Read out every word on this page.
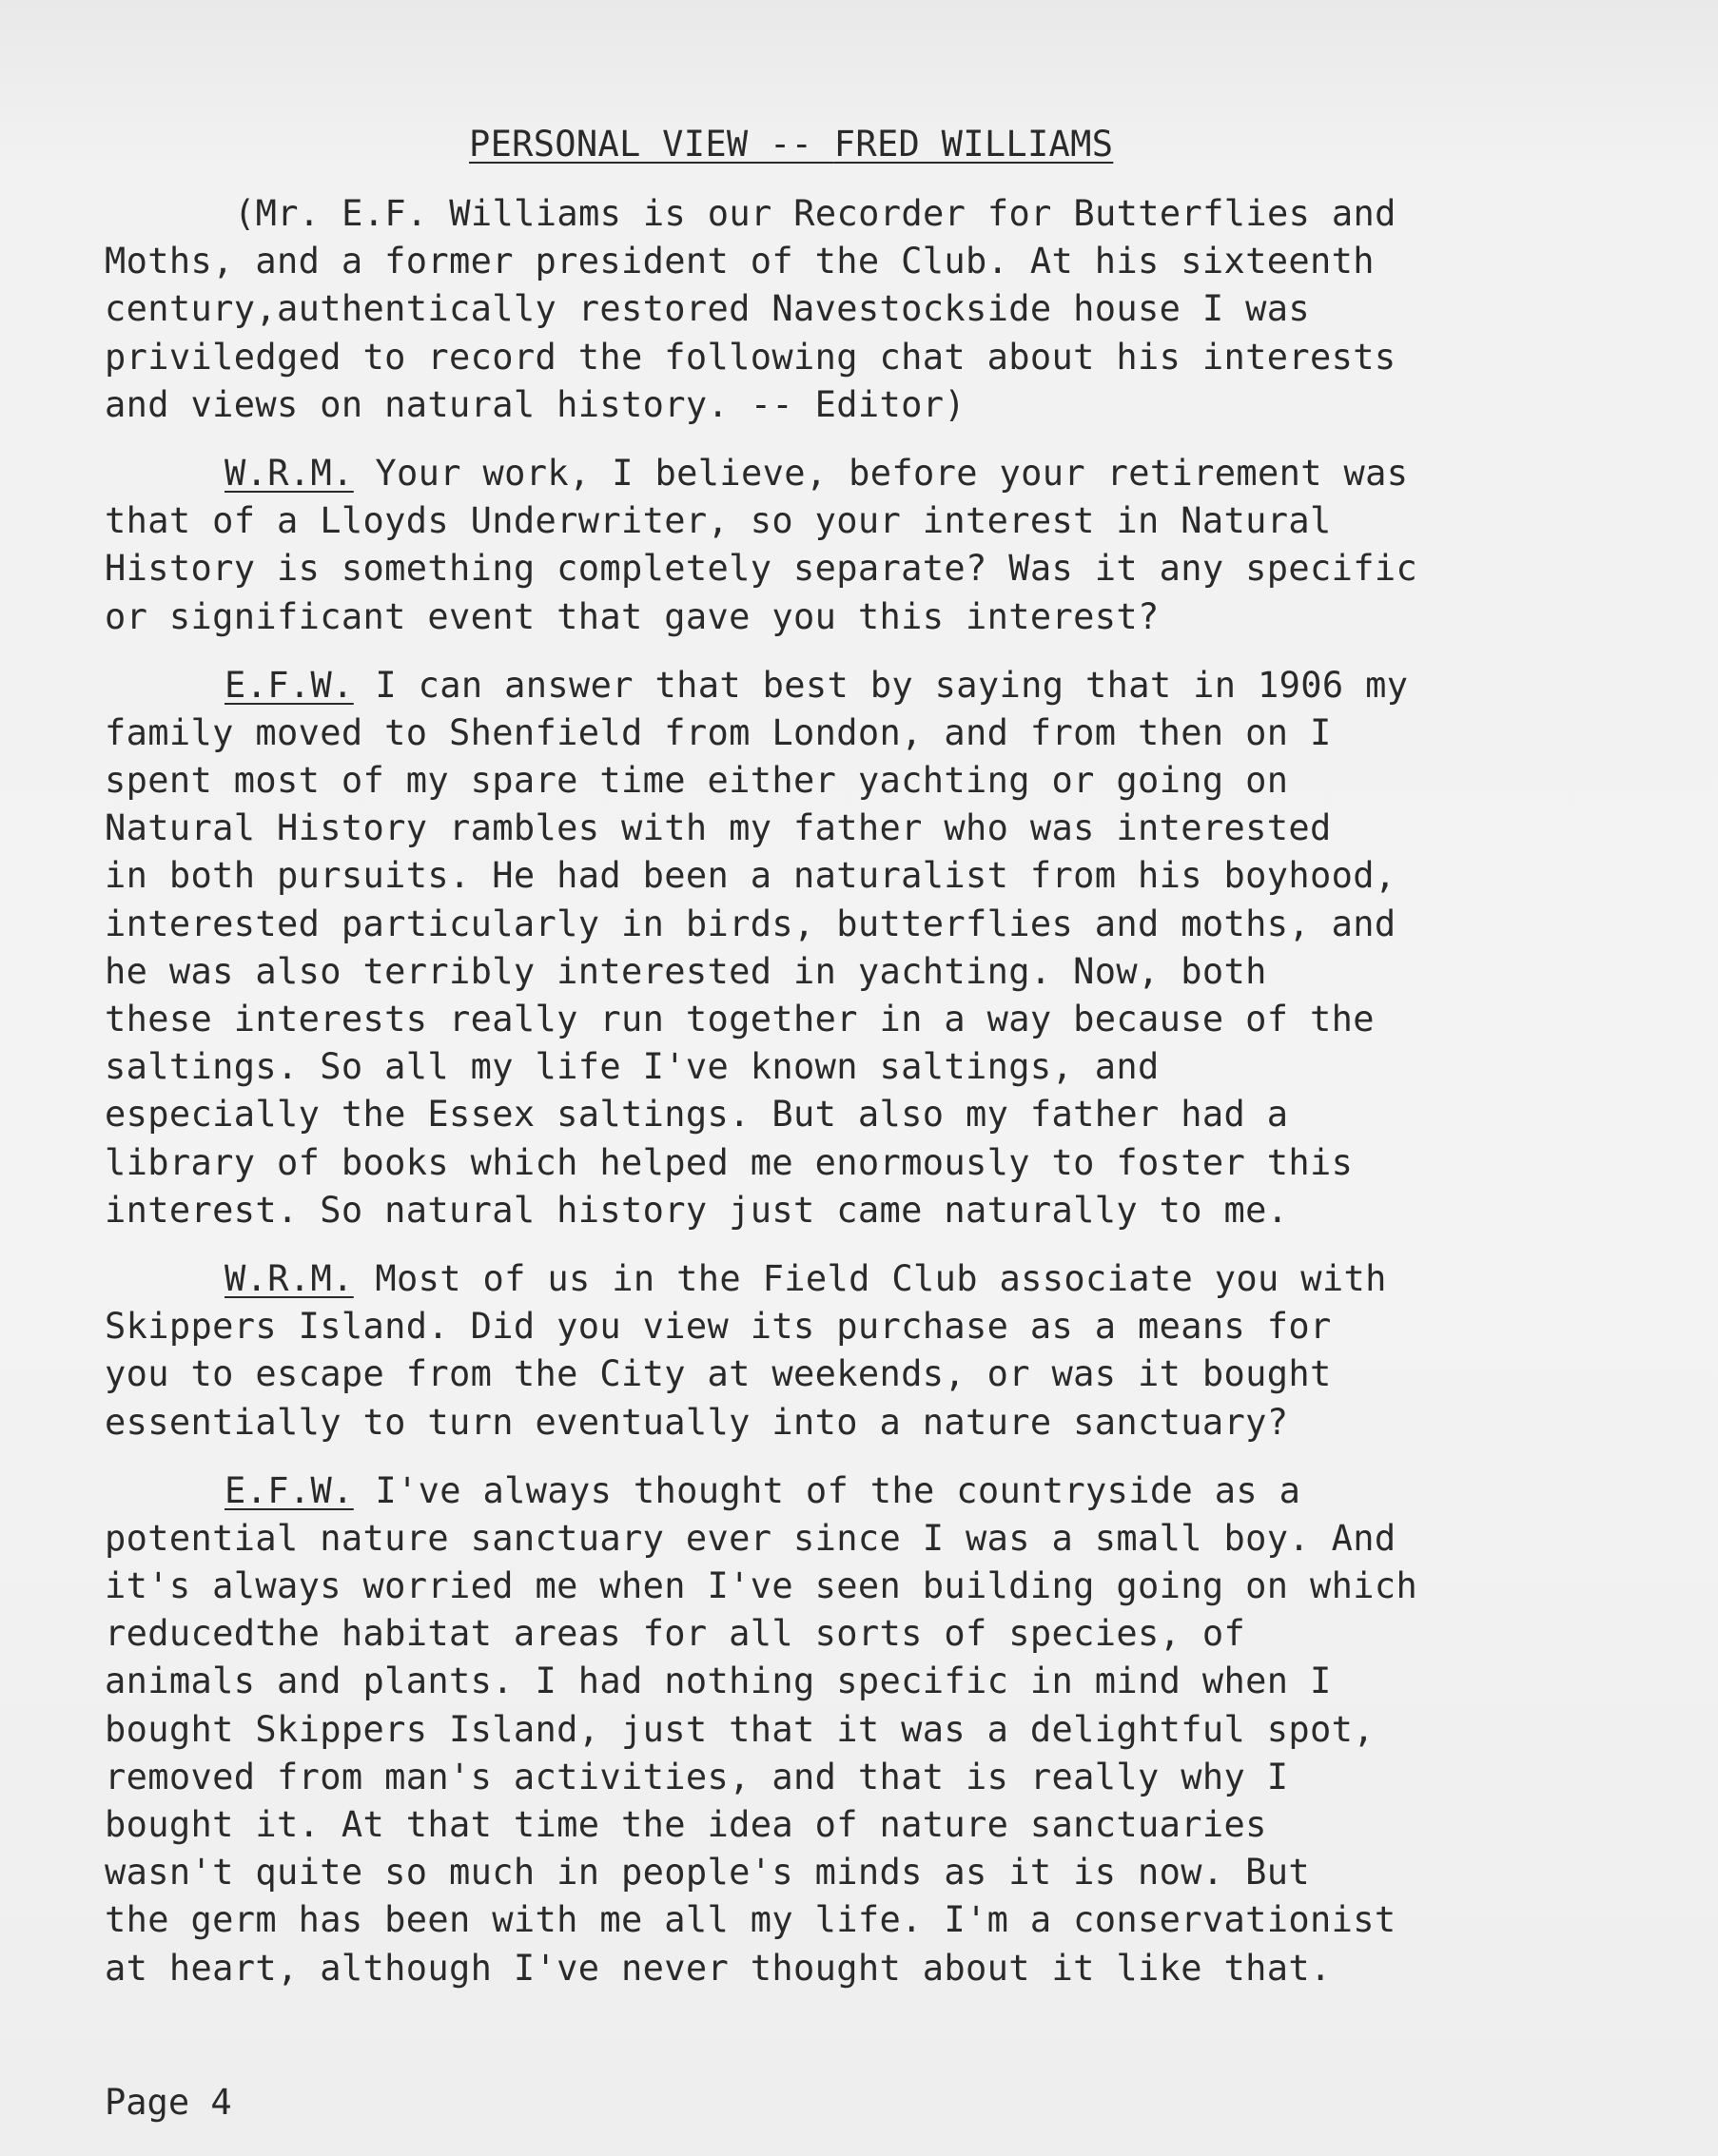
PERSONAL VIEW -- FRED WILLIAMS
(Mr. E.F. Williams is our Recorder for Butterflies and
Moths, and a former president of the Club. At his sixteenth
century,authentically restored Navestockside house I was
priviledged to record the following chat about his interests
and views on natural history. -- Editor)
W.R.M. Your work, I believe, before your retirement was
that of a Lloyds Underwriter, so your interest in Natural
History is something completely separate? Was it any specific
or significant event that gave you this interest?
E.F.W. I can answer that best by saying that in 1906 my
family moved to Shenfield from London, and from then on I
spent most of my spare time either yachting or going on
Natural History rambles with my father who was interested
in both pursuits. He had been a naturalist from his boyhood,
interested particularly in birds, butterflies and moths, and
he was also terribly interested in yachting. Now, both
these interests really run together in a way because of the
saltings. So all my life I've known saltings, and
especially the Essex saltings. But also my father had a
library of books which helped me enormously to foster this
interest. So natural history just came naturally to me.
W.R.M. Most of us in the Field Club associate you with
Skippers Island. Did you view its purchase as a means for
you to escape from the City at weekends, or was it bought
essentially to turn eventually into a nature sanctuary?
E.F.W. I've always thought of the countryside as a
potential nature sanctuary ever since I was a small boy. And
it's always worried me when I've seen building going on which
reducedthe habitat areas for all sorts of species, of
animals and plants. I had nothing specific in mind when I
bought Skippers Island, just that it was a delightful spot,
removed from man's activities, and that is really why I
bought it. At that time the idea of nature sanctuaries
wasn't quite so much in people's minds as it is now. But
the germ has been with me all my life. I'm a conservationist
at heart, although I've never thought about it like that.
Page 4
